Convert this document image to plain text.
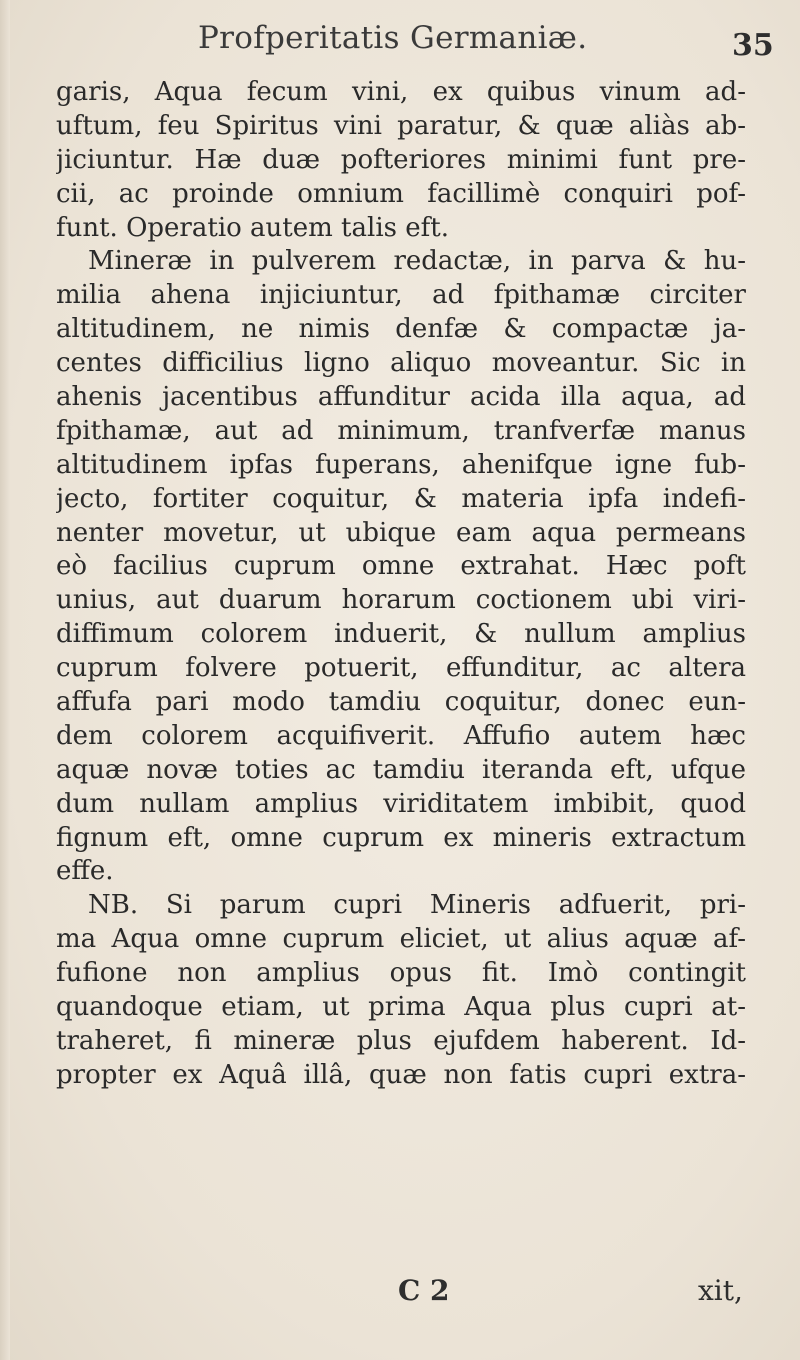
Profperitatis Germaniæ.	35
garis, Aqua fecum vini, ex quibus vinum ad-
uftum, feu Spiritus vini paratur, & quæ aliàs ab-
jiciuntur. Hæ duæ pofteriores minimi funt pre-
cii, ac proinde omnium facillimè conquiri pof-
funt. Operatio autem talis eft.
Mineræ in pulverem redactæ, in parva & hu-
milia ahena injiciuntur, ad fpithamæ circiter
altitudinem, ne nimis denfæ & compactæ ja-
centes difficilius ligno aliquo moveantur. Sic in
ahenis jacentibus affunditur acida illa aqua, ad
fpithamæ, aut ad minimum, tranfverfæ manus
altitudinem ipfas fuperans, ahenifque igne fub-
jecto, fortiter coquitur, & materia ipfa indefi-
nenter movetur, ut ubique eam aqua permeans
eò facilius cuprum omne extrahat. Hæc poft
unius, aut duarum horarum coctionem ubi viri-
diffimum colorem induerit, & nullum amplius
cuprum folvere potuerit, effunditur, ac altera
affufa pari modo tamdiu coquitur, donec eun-
dem colorem acquifiverit. Affufio autem hæc
aquæ novæ toties ac tamdiu iteranda eft, ufque
dum nullam amplius viriditatem imbibit, quod
fignum eft, omne cuprum ex mineris extractum
effe.
NB. Si parum cupri Mineris adfuerit, pri-
ma Aqua omne cuprum eliciet, ut alius aquæ af-
fufione non amplius opus fit. Imò contingit
quandoque etiam, ut prima Aqua plus cupri at-
traheret, fi mineræ plus ejufdem haberent. Id-
propter ex Aquâ illâ, quæ non fatis cupri extra-
C 2	xit,
